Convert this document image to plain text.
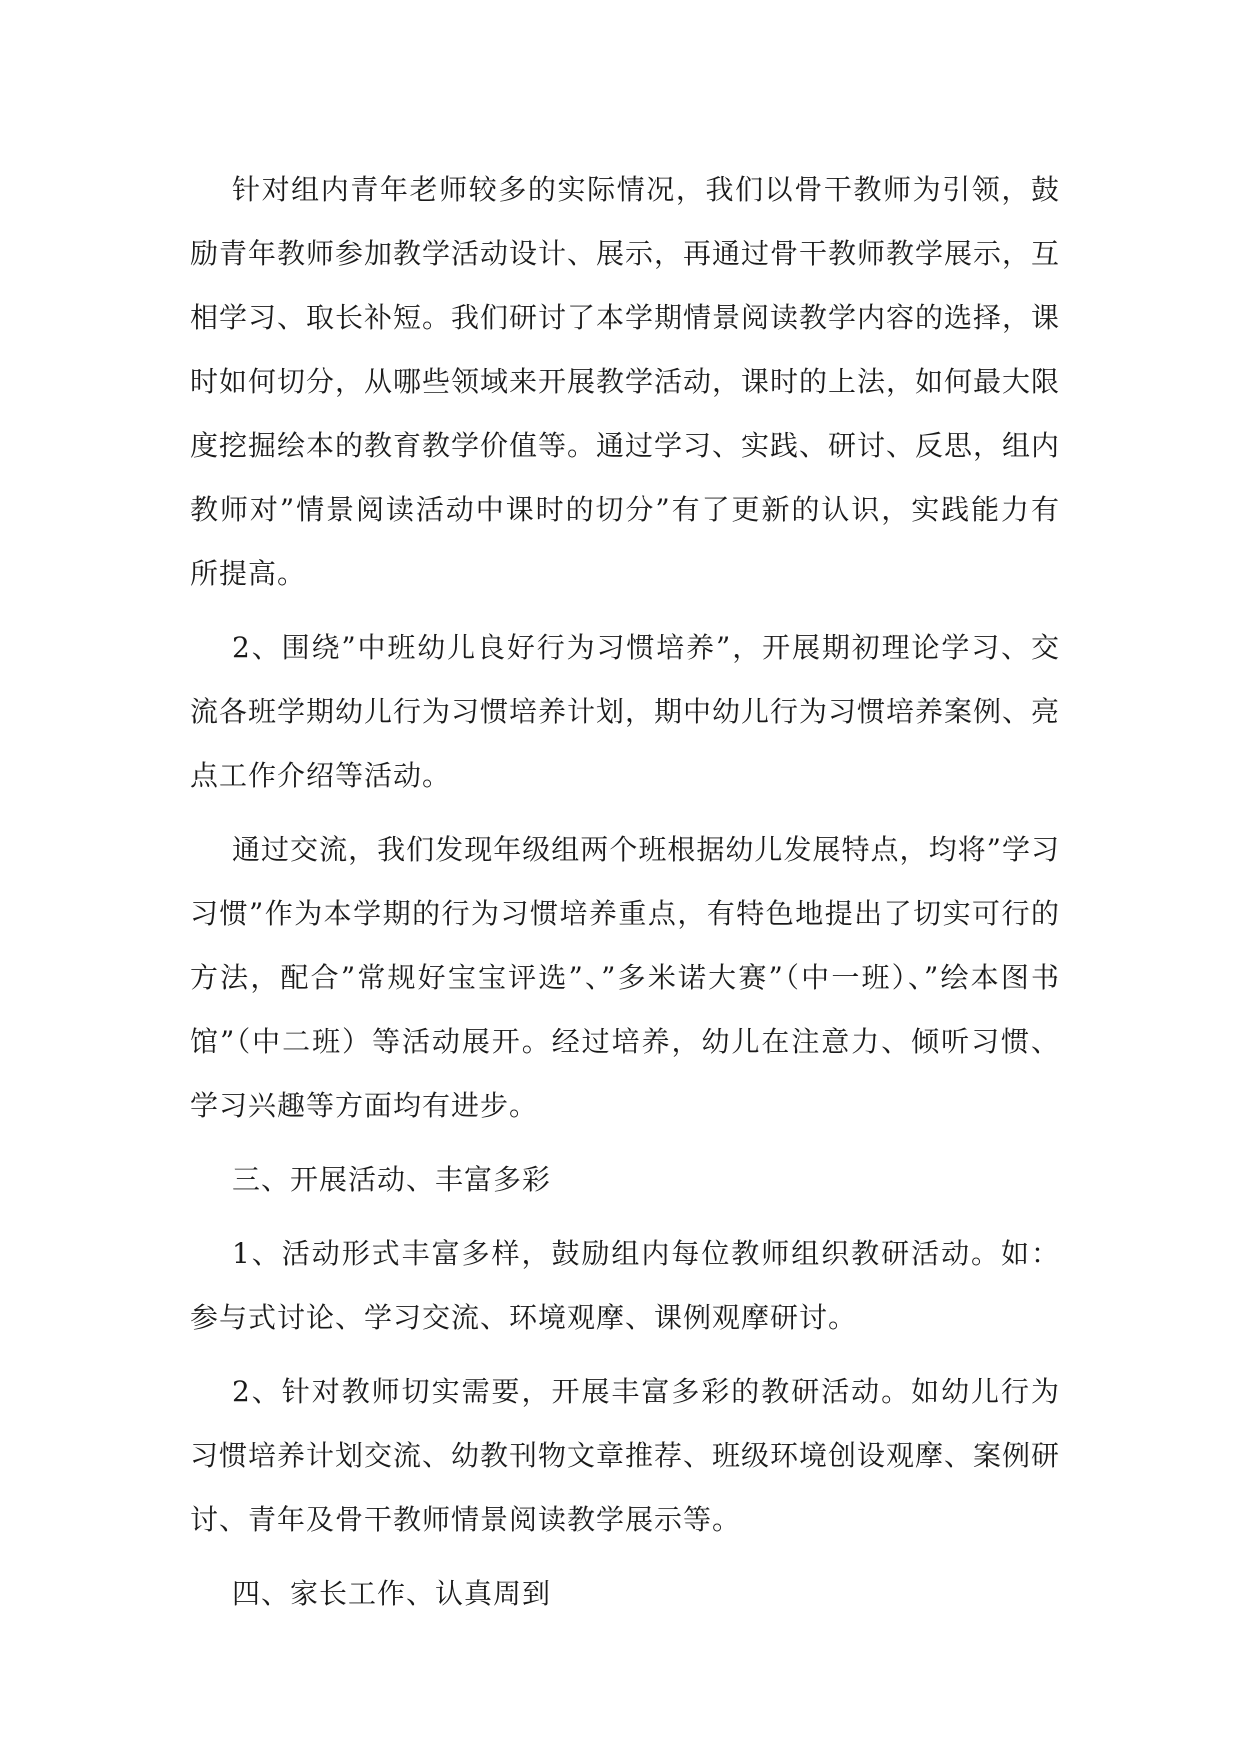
针对组内青年老师较多的实际情况，我们以骨干教师为引领，鼓励青年教师参加教学活动设计、展示，再通过骨干教师教学展示，互相学习、取长补短。我们研讨了本学期情景阅读教学内容的选择，课时如何切分，从哪些领域来开展教学活动，课时的上法，如何最大限度挖掘绘本的教育教学价值等。通过学习、实践、研讨、反思，组内教师对”情景阅读活动中课时的切分”有了更新的认识，实践能力有所提高。

2、围绕”中班幼儿良好行为习惯培养”，开展期初理论学习、交流各班学期幼儿行为习惯培养计划，期中幼儿行为习惯培养案例、亮点工作介绍等活动。

通过交流，我们发现年级组两个班根据幼儿发展特点，均将”学习习惯”作为本学期的行为习惯培养重点，有特色地提出了切实可行的方法，配合”常规好宝宝评选”、”多米诺大赛”（中一班）、”绘本图书馆”（中二班）等活动展开。经过培养，幼儿在注意力、倾听习惯、学习兴趣等方面均有进步。

三、开展活动、丰富多彩

1、活动形式丰富多样，鼓励组内每位教师组织教研活动。如：参与式讨论、学习交流、环境观摩、课例观摩研讨。

2、针对教师切实需要，开展丰富多彩的教研活动。如幼儿行为习惯培养计划交流、幼教刊物文章推荐、班级环境创设观摩、案例研讨、青年及骨干教师情景阅读教学展示等。

四、家长工作、认真周到
